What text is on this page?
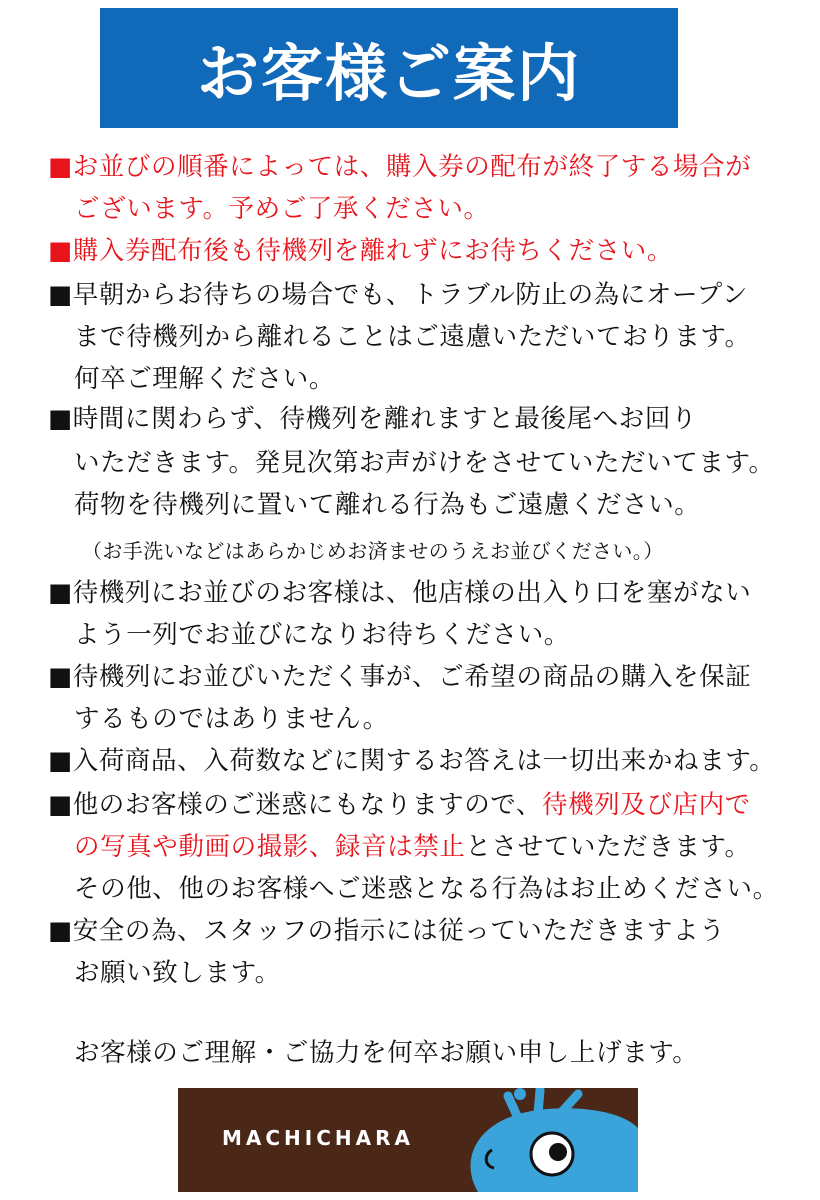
お客様ご案内
■お並びの順番によっては、購入券の配布が終了する場合が
ございます。予めご了承ください。
■購入券配布後も待機列を離れずにお待ちください。
■早朝からお待ちの場合でも、トラブル防止の為にオープン
まで待機列から離れることはご遠慮いただいております。
何卒ご理解ください。
■時間に関わらず、待機列を離れますと最後尾へお回り
いただきます。発見次第お声がけをさせていただいてます。
荷物を待機列に置いて離れる行為もご遠慮ください。
（お手洗いなどはあらかじめお済ませのうえお並びください。）
■待機列にお並びのお客様は、他店様の出入り口を塞がない
よう一列でお並びになりお待ちください。
■待機列にお並びいただく事が、ご希望の商品の購入を保証
するものではありません。
■入荷商品、入荷数などに関するお答えは一切出来かねます。
■他のお客様のご迷惑にもなりますので、待機列及び店内で
の写真や動画の撮影、録音は禁止とさせていただきます。
その他、他のお客様へご迷惑となる行為はお止めください。
■安全の為、スタッフの指示には従っていただきますよう
お願い致します。
お客様のご理解・ご協力を何卒お願い申し上げます。
MACHICHARA
